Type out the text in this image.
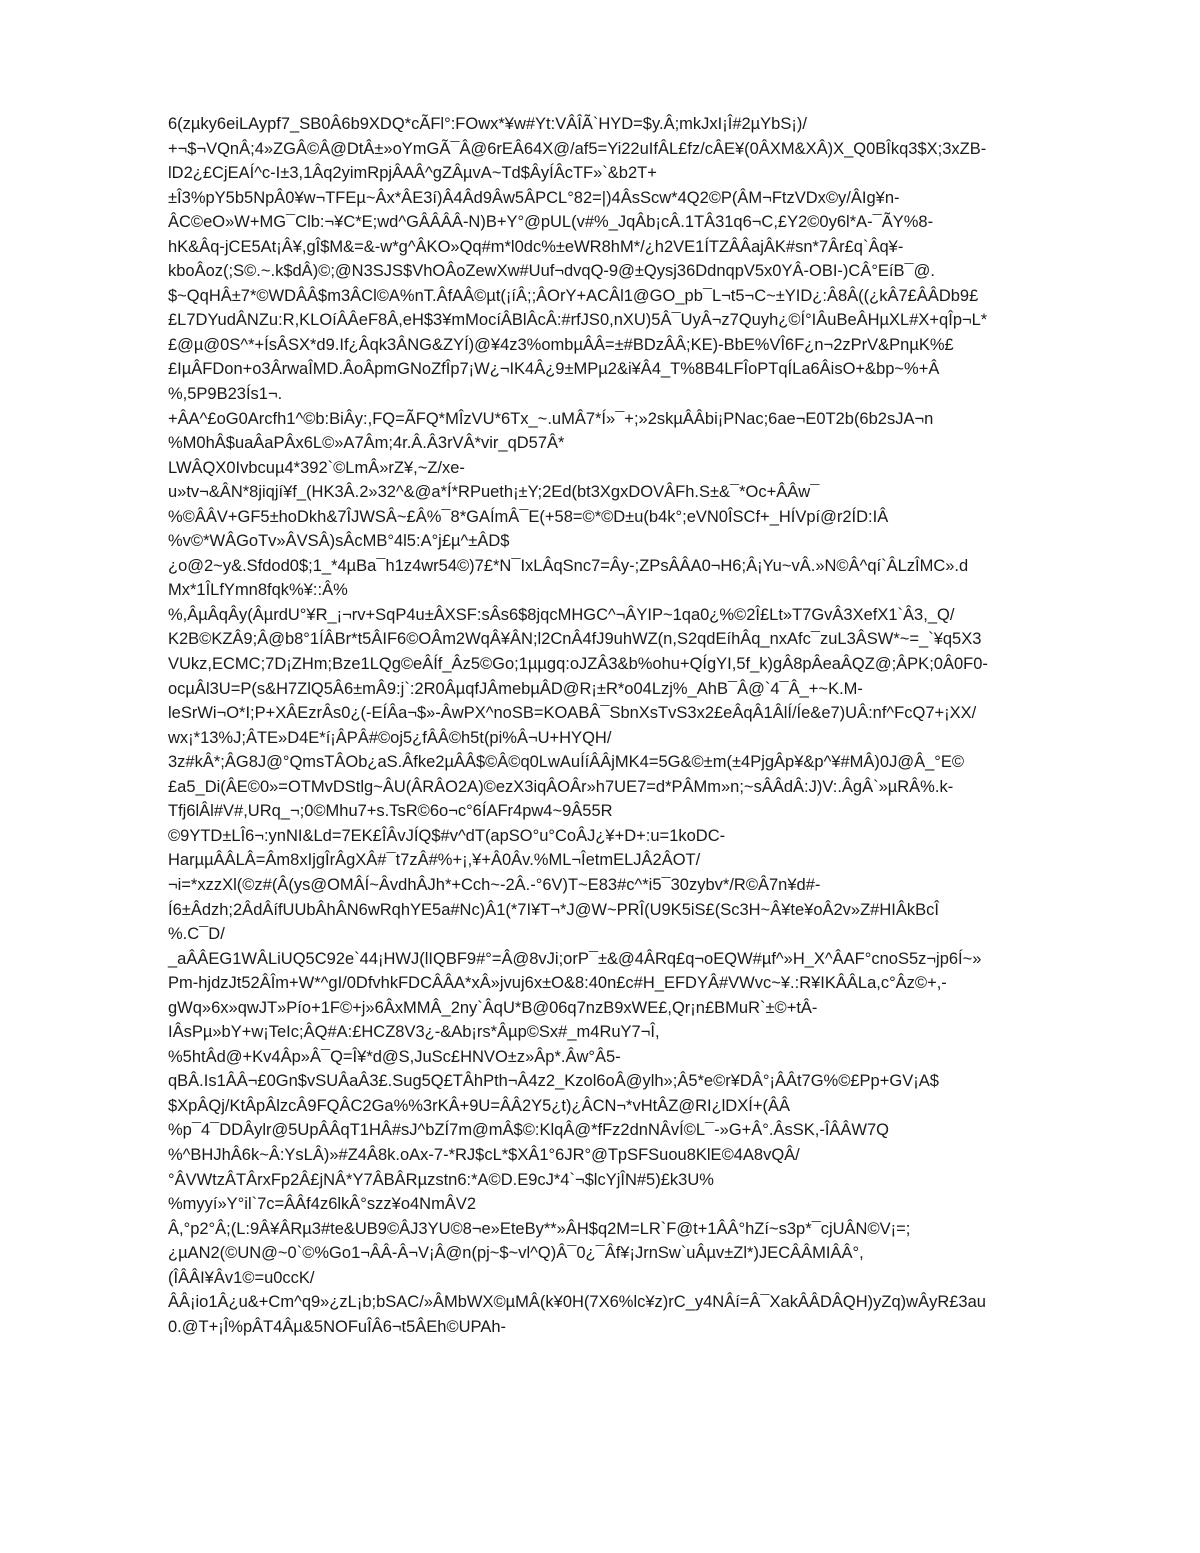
6(zµky6eiLAypf7_SB0Â6b9XDQ*cÃFl°:FOwx*¥w#Yt:VÂÎÃ`HYD=$y.Â;mkJxI¡Î#2µYbS¡)/
+¬$¬VQnÂ;4»ZGÂ©Â@DtÂ±»oYmGÃ¯Â@6rEÂ64X@/af5=Yi22uIfÂL£fz/cÂE¥(0ÂXM&XÂ)X_Q0BÎkq3$X;3xZB-
lD2¿£CjEAÍ^c-I±3,1Âq2yimRpjÂAÂ^gZÂµvA~Td$ÂyÍÂcTF»`&b2T+
±Î3%pY5b5NpÂ0¥w¬TFEµ~Âx*ÂE3í)Â4Âd9Âw5ÂPCL°82=|)4ÂsScw*4Q2©P(ÂM¬FtzVDx©y/ÂIg¥n-
ÂC©eO»W+MG¯Clb:¬¥C*E;wd^GÂÂÂÂ-N)B+Y°@pUL(v#%_JqÂb¡cÂ.1TÂ31q6¬C,£Y2©0y6l*A-¯ÃY%8-
hK&Âq-jCE5At¡Â¥,gÎ$M&=&-w*g^ÂKO»Qq#m*l0dc%±eWR8hM*/¿h2VE1ÍTZÂÂajÂK#sn*7Âr£q`Âq¥-
kboÂoz(;S©.~.k$dÂ)©;@N3SJS$VhOÂoZewXw#Uuf¬dvqQ-9@±Qysj36DdnqpV5x0YÂ-OBI-)CÂ°EíB¯@.
$~QqHÂ±7*©WDÂÂ$m3ÂCl©A%nT.ÂfAÂ©µt(¡íÂ;;ÂOrY+ACÂl1@GO_pb¯L¬t5¬C~±YID¿:Â8Â((¿kÂ7£ÂÂDb9£
£L7DYudÂNZu:R,KLOíÂÂeF8Â,eH$3¥mMocíÂBlÂcÂ:#rfJS0,nXU)5Â¯UyÂ¬z7Quyh¿©Í°IÂuBeÂHµXL#X+qÎp¬L*
£@µ@0S^*+ÍsÂSX*d9.If¿Âqk3ÂNG&ZYÍ)@¥4z3%ombµÂÂ=±#BDzÂÂ;KE)-BbE%VÎ6F¿n¬2zPrV&PnµK%£
£IµÂFDon+o3ÂrwaÎMD.ÂoÂpmGNoZfÎp7¡W¿¬IK4Â¿9±MPµ2&i¥Â4_T%8B4LFÎoPTqÍLa6ÂisO+&bp~%+Â
%,5P9B23Ís1¬.
+ÂA^£oG0Arcfh1^©b:BiÂy:,FQ=ÃFQ*MÎzVU*6Tx_~.uMÂ7*Í»¯+;»2skµÂÂbi¡PNac;6ae¬E0T2b(6b2sJA¬n
%M0hÂ$uaÂaPÂx6L©»A7Âm;4r.Â.Â3rVÂ*vir_qD57Â*
LWÂQX0Ivbcuµ4*392`©LmÂ»rZ¥,~Z/xe-
u»tv¬&ÂN*8jiqjí¥f_(HK3Â.2»32^&@a*Í*RPueth¡±Y;2Ed(bt3XgxDOVÂFh.S±&¯*Oc+ÂÂw¯
%©ÂÂV+GF5±hoDkh&7ÎJWSÂ~£Â%¯8*GAÍmÂ¯E(+58=©*©D±u(b4k°;eVN0ÎSCf+_HÍVpí@r2ÍD:IÂ
%v©*WÂGoTv»ÂVSÂ)sÂcMB°4l5:A°j£µ^±ÂD$
¿o@2~y&.Sfdod0$;1_*4µBa¯h1z4wr54©)7£*N¯IxLÂqSnc7=Ây-;ZPsÂÂA0¬H6;Â¡Yu~vÂ.»N©Â^qí`ÂLzÎMC».d
Mx*1ÎLfYmn8fqk%¥::Â%
%,ÂµÂqÂy(ÂµrdU°¥R_¡¬rv+SqP4u±ÂXSF:sÂs6$8jqcMHGC^¬ÂYIP~1qa0¿%©2Î£Lt»T7GvÂ3XefX1`Â3,_Q/
K2B©KZÂ9;Â@b8°1ÍÂBr*t5ÂIF6©OÂm2WqÂ¥ÂN;l2CnÂ4fJ9uhWZ(n,S2qdEíhÂq_nxAfc¯zuL3ÂSW*~=_`¥q5X3
VUkz,ECMC;7D¡ZHm;Bze1LQg©eÂÍf_Âz5©Go;1µµgq:oJZÂ3&b%ohu+QÍgYI,5f_k)gÂ8pÂeaÂQZ@;ÂPK;0Â0F0-
ocµÂl3U=P(s&H7ZlQ5Â6±mÂ9:j`:2R0ÂµqfJÂmebµÂD@R¡±R*o04Lzj%_AhB¯Â@`4¯Â_+~K.M-
leSrWi¬O*I;P+XÂEzrÂs0¿(-EÍÂa¬$»-ÂwPX^noSB=KOABÂ¯SbnXsTvS3x2£eÂqÂ1ÂlÍ/Íe&e7)UÂ:nf^FcQ7+¡XX/
wx¡*13%J;ÂTE»D4E*í¡ÂPÂ#©oj5¿fÂÂ©h5t(pi%Â¬U+HYQH/
3z#kÂ*;ÂG8J@°QmsTÂOb¿aS.Âfke2µÂÂ$©Â©q0LwAuÍíÂÂjMK4=5G&©±m(±4PjgÂp¥&p^¥#MÂ)0J@Â_°E©
£a5_Di(ÂE©0»=OTMvDStlg~ÂU(ÂRÂO2A)©ezX3iqÂOÂr»h7UE7=d*PÂMm»n;~sÂÂdÂ:J)V:.ÂgÂ`»µRÂ%.k-
Tfj6lÂl#V#,URq_¬;0©Mhu7+s.TsR©6o¬c°6ÍAFr4pw4~9Â55R
©9YTD±LÎ6¬:ynNI&Ld=7EK£ÎÂvJÍQ$#v^dT(apSO°u°CoÂJ¿¥+D+:u=1koDC-
HarµµÂÂLÂ=Âm8xIjgÎrÂgXÂ#¯t7zÂ#%+¡,¥+Â0Âv.%ML¬ÎetmELJÂ2ÂOT/
¬i=*xzzXl(©z#(Â(ys@OMÂÍ~ÂvdhÂJh*+Cch~-2Â.-°6V)T~E83#c^*i5¯30zybv*/R©Â7n¥d#-
Í6±Âdzh;2ÂdÂífUUbÂhÂN6wRqhYE5a#Nc)Â1(*7I¥T¬*J@W~PRÎ(U9K5iS£(Sc3H~Â¥te¥oÂ2v»Z#HIÂkBcÎ
%.C¯D/
_aÂÂEG1WÂLiUQ5C92e`44¡HWJ(lIQBF9#°=Â@8vJi;orP¯±&@4ÂRq£q¬oEQW#µf^»H_X^ÂAF°cnoS5z¬jp6Í~»
Pm-hjdzJt52ÂÎm+W*^gI/0DfvhkFDCÂÂA*xÂ»jvuj6x±O&8:40n£c#H_EFDYÂ#VWvc~¥.:R¥IKÂÂLa,c°Âz©+,-
gWq»6x»qwJT»Pío+1F©+j»6ÂxMMÂ_2ny`ÂqU*B@06q7nzB9xWE£,Qr¡n£BMuR`±©+tÂ-
IÂsPµ»bY+w¡TeIc;ÂQ#A:£HCZ8V3¿-&Ab¡rs*Âµp©Sx#_m4RuY7¬Î,
%5htÂd@+Kv4Âp»Â¯Q=Î¥*d@S,JuSc£HNVO±z»Âp*.Âw°Â5-
qBÂ.Is1ÂÂ¬£0Gn$vSUÂaÂ3£.Sug5Q£TÂhPth¬Â4z2_Kzol6oÂ@ylh»;Â5*e©r¥DÂ°¡ÂÂt7G%©£Pp+GV¡A$
$XpÂQj/KtÂpÂlzcÂ9FQÂC2Ga%%3rKÂ+9U=ÂÂ2Y5¿t)¿ÂCN¬*vHtÂZ@RI¿lDXÍ+(ÂÂ
%p¯4¯DDÂylr@5UpÂÂqT1HÂ#sJ^bZÍ7m@mÂ$©:KlqÂ@*fFz2dnNÂvÍ©L¯-»G+Â°.ÂsSK,-ÎÂÂW7Q
%^BHJhÂ6k~Â:YsLÂ)»#Z4Â8k.oAx-7-*RJ$cL*$XÂ1°6JR°@TpSFSuou8KlE©4A8vQÂ/
°ÂVWtzÂTÂrxFp2Â£jNÂ*Y7ÂBÂRµzstn6:*A©D.E9cJ*4`¬$lcYjÎN#5)£k3U%
%myyí»Y°il`7c=ÂÂf4z6lkÂ°szz¥o4NmÂV2
Â,°p2°Â;(L:9Â¥ÂRµ3#te&UB9©ÂJ3YU©8¬e»EteBy**»ÂH$q2M=LR`F@t+1ÂÂ°hZí~s3p*¯cjUÂN©V¡=;
¿µAN2(©UN@~0`©%Go1¬ÂÂ-Â¬V¡Â@n(pj~$~vl^Q)Â¯0¿¯Âf¥¡JrnSw`uÂµv±Zl*)JECÂÂMIÂÂ°,
(ÎÂÂI¥Âv1©=u0ccK/
ÂÂ¡io1Â¿u&+Cm^q9»¿zL¡b;bSAC/»ÂMbWX©µMÂ(k¥0H(7X6%lc¥z)rC_y4NÂí=Â¯XakÂÂDÂQH)yZq)wÂyR£3au
0.@T+¡Î%pÂT4Âµ&5NOFuÎÂ6¬t5ÂEh©UPAh-
